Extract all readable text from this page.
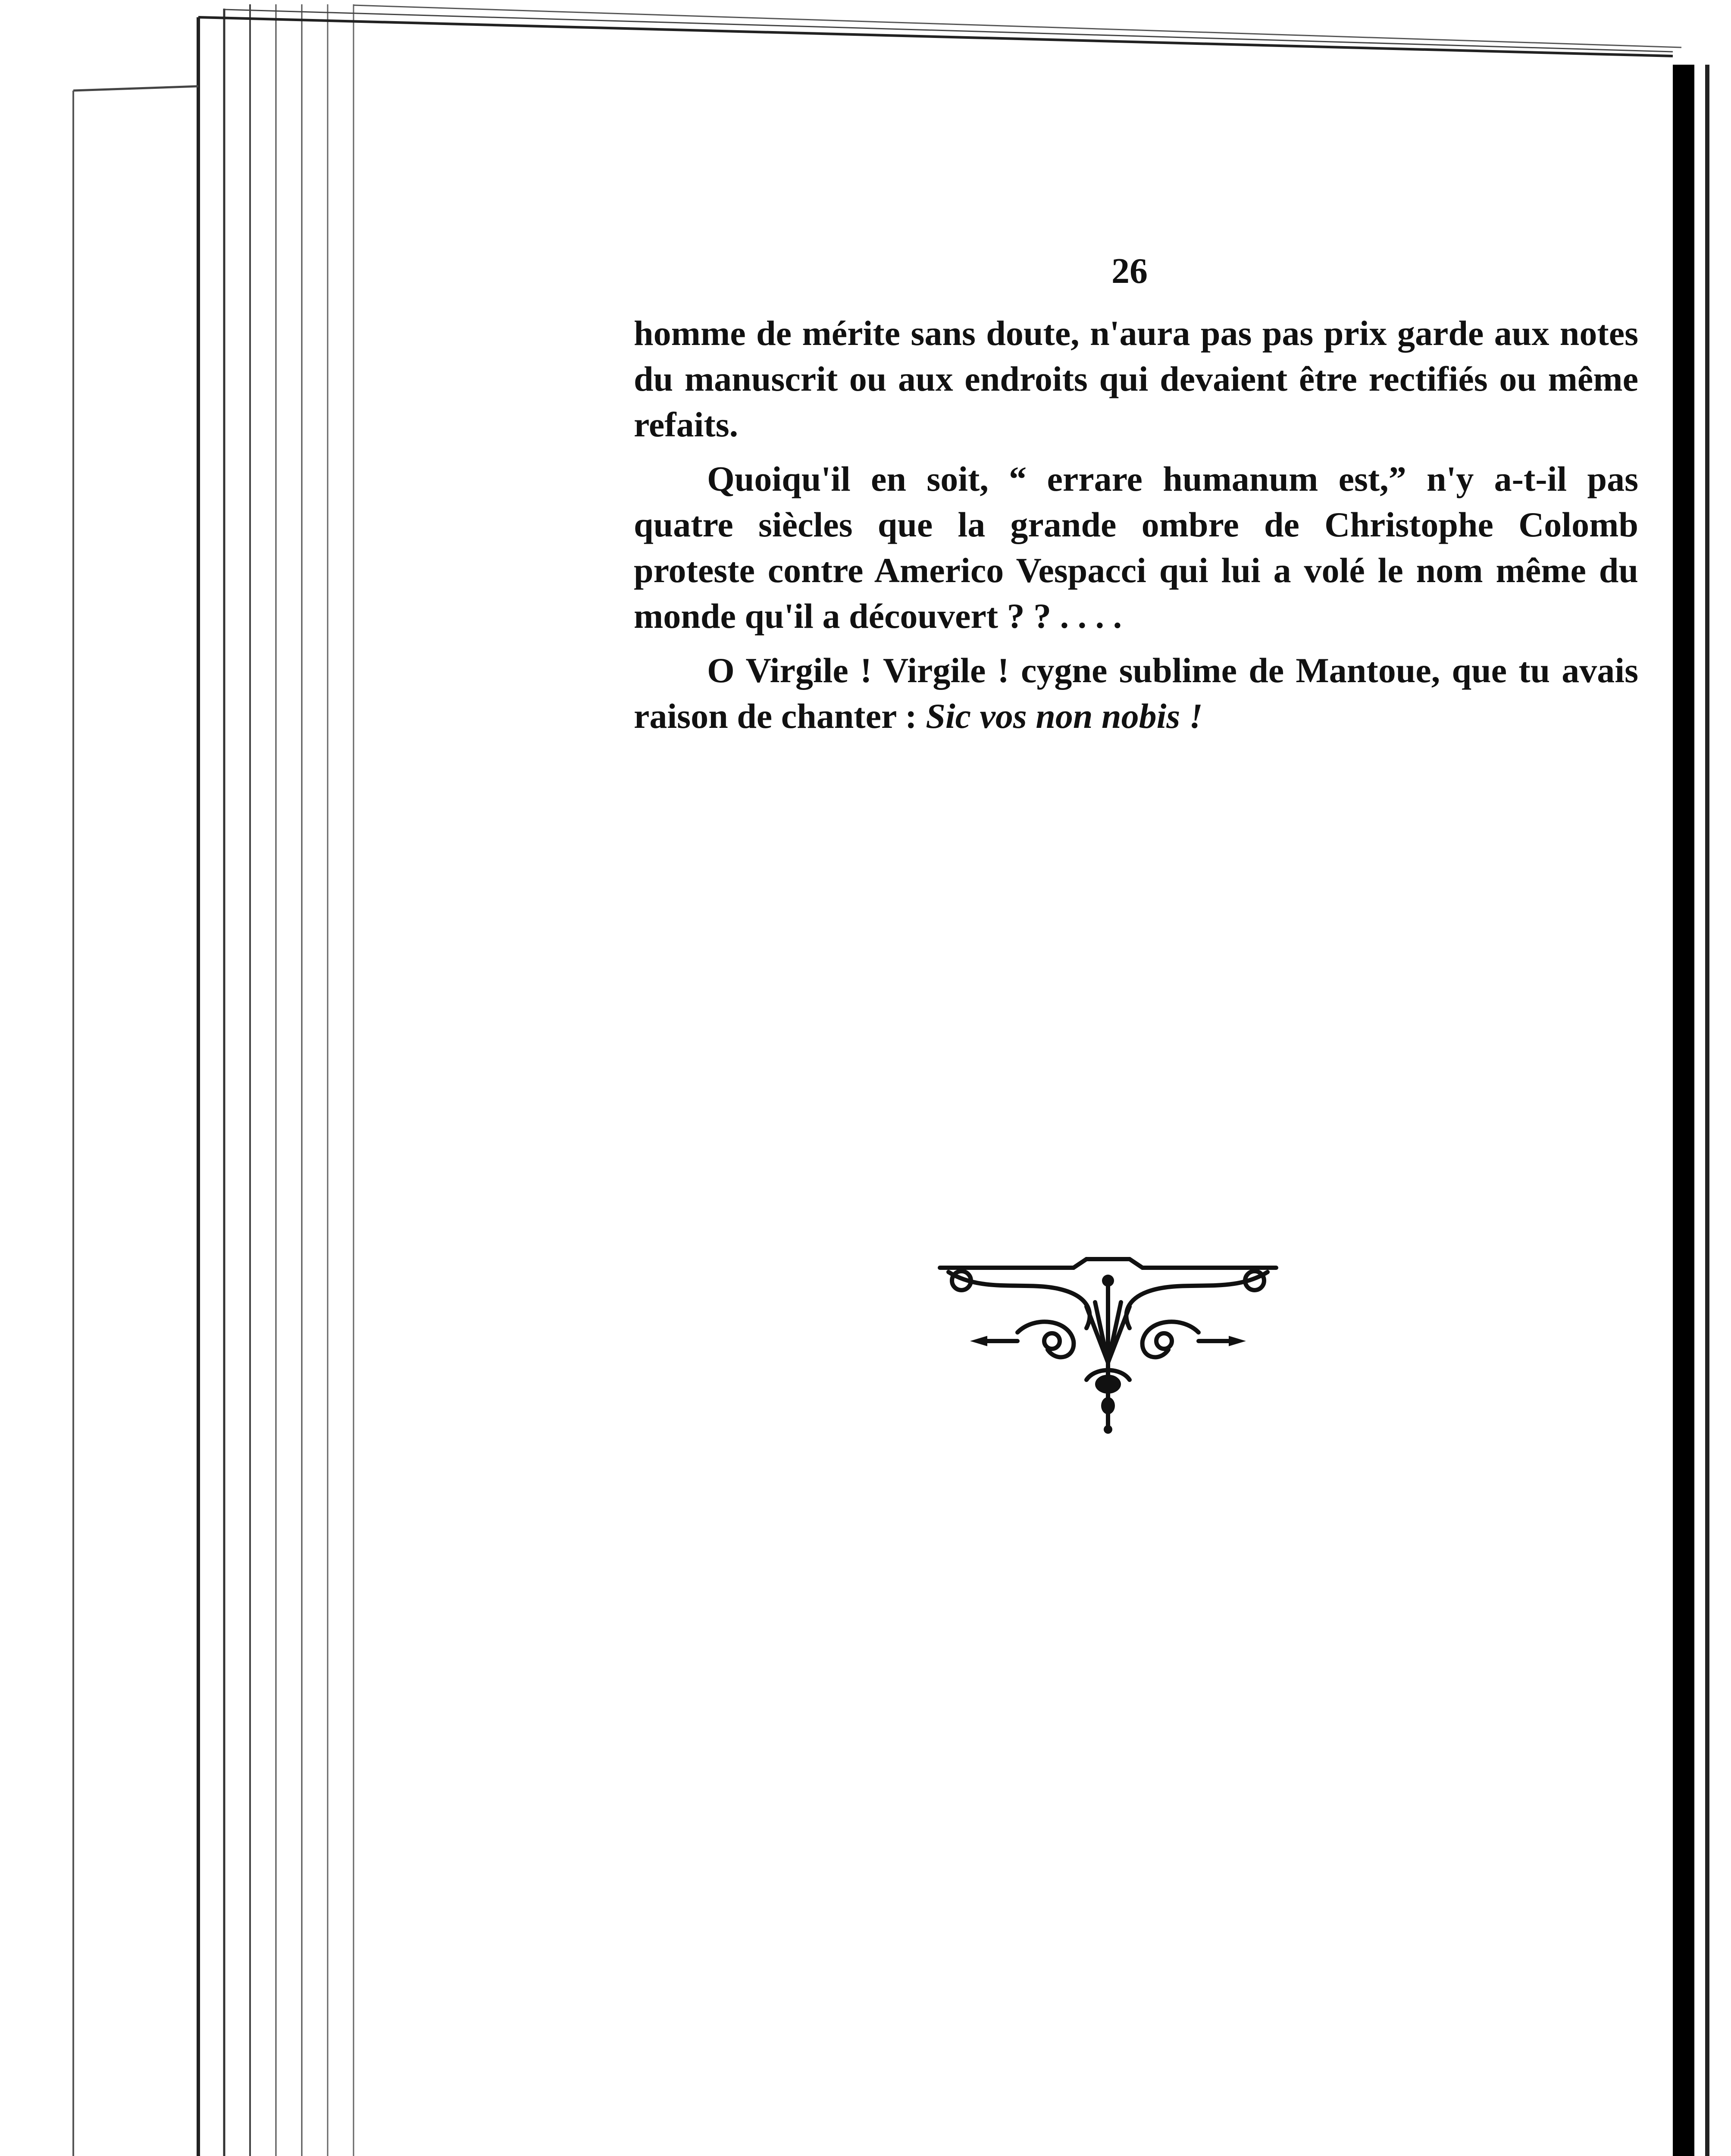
26

homme de mérite sans doute, n'aura pas pas prix garde aux notes du manuscrit ou aux endroits qui devaient être rectifiés ou même refaits.

Quoiqu'il en soit, “ errare humanum est,” n'y a-t-il pas quatre siècles que la grande ombre de Christophe Colomb proteste contre Americo Vespacci qui lui a volé le nom même du monde qu'il a découvert ? ? . . . .

O Virgile ! Virgile ! cygne sublime de Mantoue, que tu avais raison de chanter : Sic vos non nobis !
